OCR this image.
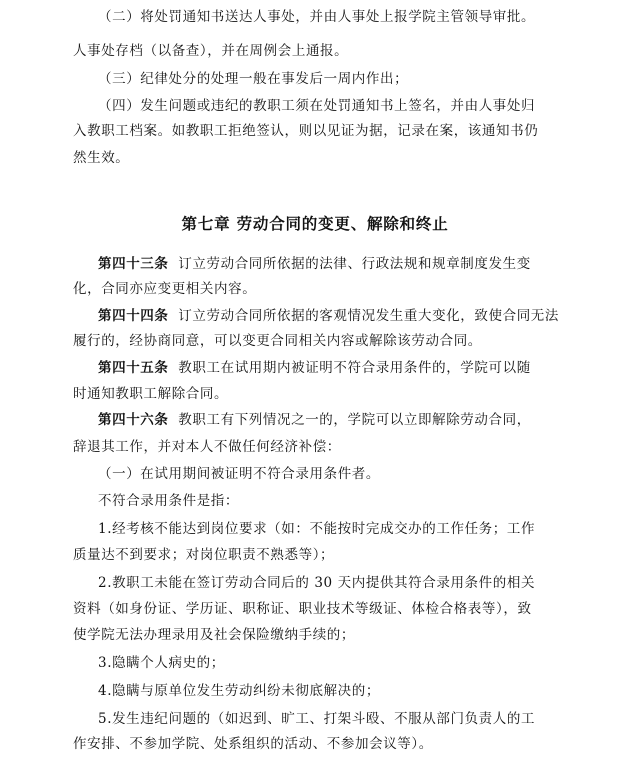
（二）将处罚通知书送达人事处，并由人事处上报学院主管领导审批。
人事处存档（以备查），并在周例会上通报。
（三）纪律处分的处理一般在事发后一周内作出；
（四）发生问题或违纪的教职工须在处罚通知书上签名，并由人事处归
入教职工档案。如教职工拒绝签认，则以见证为据，记录在案，该通知书仍
然生效。
第七章 劳动合同的变更、解除和终止
第四十三条 订立劳动合同所依据的法律、行政法规和规章制度发生变
化，合同亦应变更相关内容。
第四十四条 订立劳动合同所依据的客观情况发生重大变化，致使合同无法
履行的，经协商同意，可以变更合同相关内容或解除该劳动合同。
第四十五条 教职工在试用期内被证明不符合录用条件的，学院可以随
时通知教职工解除合同。
第四十六条 教职工有下列情况之一的，学院可以立即解除劳动合同，
辞退其工作，并对本人不做任何经济补偿：
（一）在试用期间被证明不符合录用条件者。
不符合录用条件是指：
1.经考核不能达到岗位要求（如：不能按时完成交办的工作任务；工作
质量达不到要求；对岗位职责不熟悉等）；
2.教职工未能在签订劳动合同后的 30 天内提供其符合录用条件的相关
资料（如身份证、学历证、职称证、职业技术等级证、体检合格表等），致
使学院无法办理录用及社会保险缴纳手续的；
3.隐瞒个人病史的；
4.隐瞒与原单位发生劳动纠纷未彻底解决的；
5.发生违纪问题的（如迟到、旷工、打架斗殴、不服从部门负责人的工
作安排、不参加学院、处系组织的活动、不参加会议等）。
